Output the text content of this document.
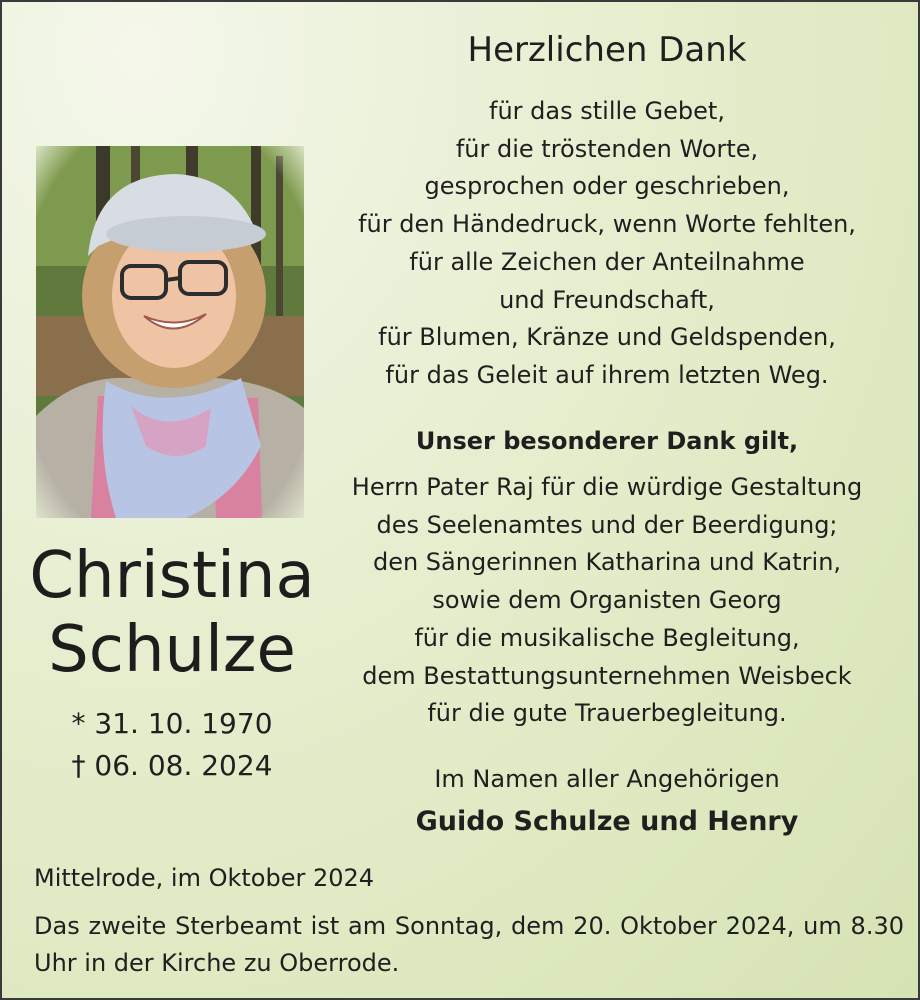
Christina
Schulze
* 31. 10. 1970
† 06. 08. 2024
Herzlichen Dank
für das stille Gebet,
für die tröstenden Worte,
gesprochen oder geschrieben,
für den Händedruck, wenn Worte fehlten,
für alle Zeichen der Anteilnahme
und Freundschaft,
für Blumen, Kränze und Geldspenden,
für das Geleit auf ihrem letzten Weg.
Unser besonderer Dank gilt,
Herrn Pater Raj für die würdige Gestaltung
des Seelenamtes und der Beerdigung;
den Sängerinnen Katharina und Katrin,
sowie dem Organisten Georg
für die musikalische Begleitung,
dem Bestattungsunternehmen Weisbeck
für die gute Trauerbegleitung.
Im Namen aller Angehörigen
Guido Schulze und Henry
Mittelrode, im Oktober 2024
Das zweite Sterbeamt ist am Sonntag, dem 20. Oktober 2024, um 8.30 Uhr in der Kirche zu Oberrode.
